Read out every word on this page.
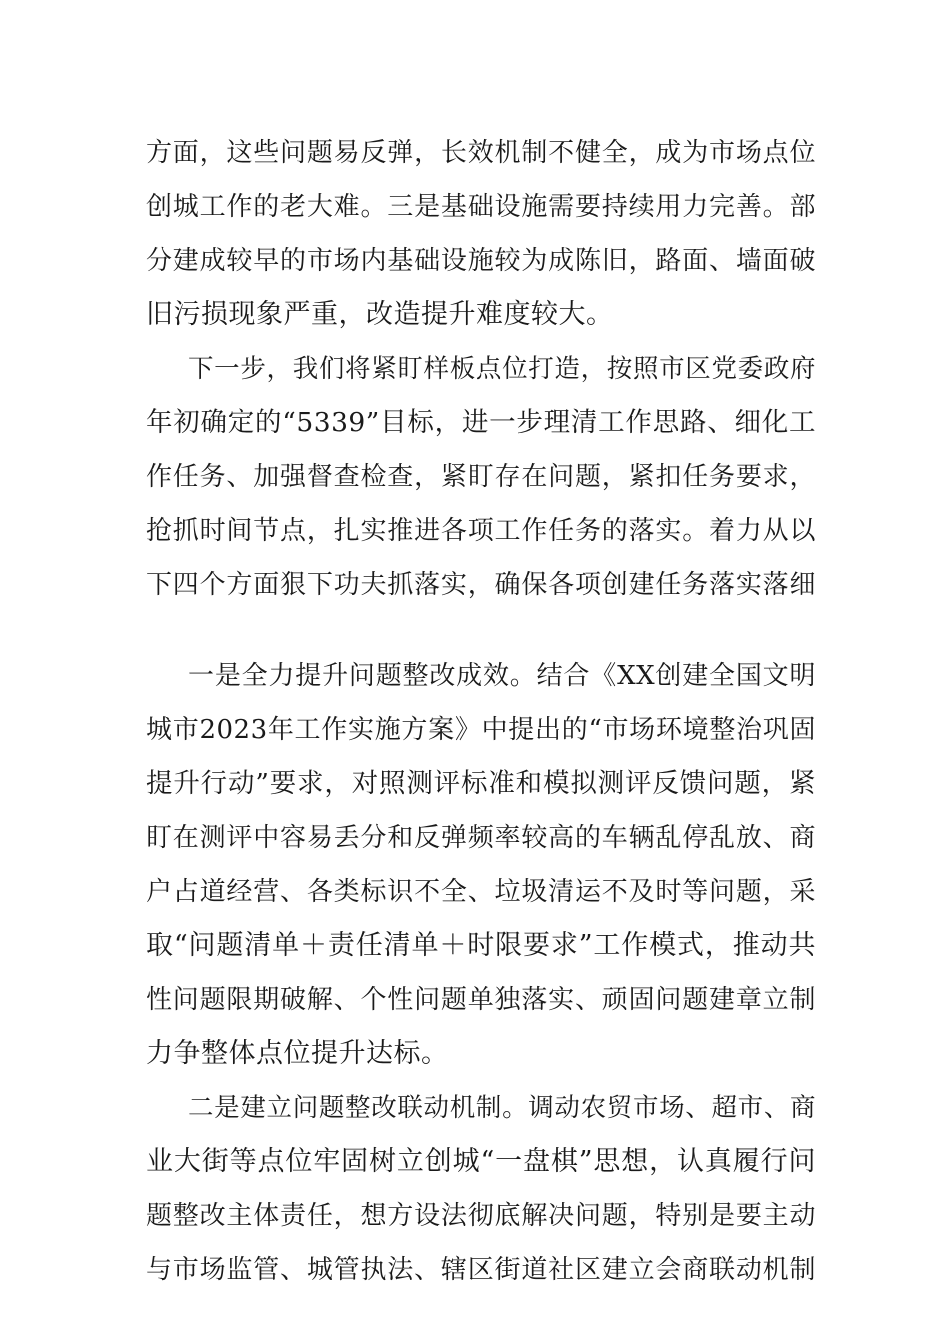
方面，这些问题易反弹，长效机制不健全，成为市场点位
创城工作的老大难。三是基础设施需要持续用力完善。部
分建成较早的市场内基础设施较为成陈旧，路面、墙面破
旧污损现象严重，改造提升难度较大。
下一步，我们将紧盯样板点位打造，按照市区党委政府
年初确定的“5339”目标，进一步理清工作思路、细化工
作任务、加强督查检查，紧盯存在问题，紧扣任务要求，
抢抓时间节点，扎实推进各项工作任务的落实。着力从以
下四个方面狠下功夫抓落实，确保各项创建任务落实落细
一是全力提升问题整改成效。结合《XX创建全国文明
城市2023年工作实施方案》中提出的“市场环境整治巩固
提升行动”要求，对照测评标准和模拟测评反馈问题，紧
盯在测评中容易丢分和反弹频率较高的车辆乱停乱放、商
户占道经营、各类标识不全、垃圾清运不及时等问题，采
取“问题清单＋责任清单＋时限要求”工作模式，推动共
性问题限期破解、个性问题单独落实、顽固问题建章立制
力争整体点位提升达标。
二是建立问题整改联动机制。调动农贸市场、超市、商
业大街等点位牢固树立创城“一盘棋”思想，认真履行问
题整改主体责任，想方设法彻底解决问题，特别是要主动
与市场监管、城管执法、辖区街道社区建立会商联动机制
